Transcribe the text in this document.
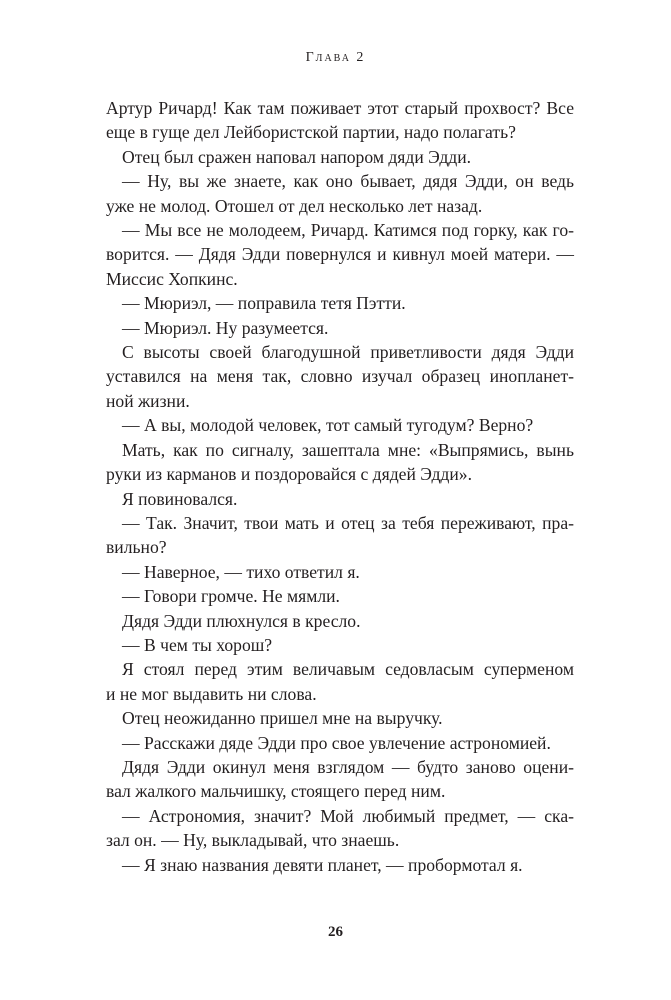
Глава 2
Артур Ричард! Как там поживает этот старый прохвост? Все
еще в гуще дел Лейбористской партии, надо полагать?
Отец был сражен наповал напором дяди Эдди.
— Ну, вы же знаете, как оно бывает, дядя Эдди, он ведь
уже не молод. Отошел от дел несколько лет назад.
— Мы все не молодеем, Ричард. Катимся под горку, как го-
ворится. — Дядя Эдди повернулся и кивнул моей матери. —
Миссис Хопкинс.
— Мюриэл, — поправила тетя Пэтти.
— Мюриэл. Ну разумеется.
С высоты своей благодушной приветливости дядя Эдди
уставился на меня так, словно изучал образец инопланет-
ной жизни.
— А вы, молодой человек, тот самый тугодум? Верно?
Мать, как по сигналу, зашептала мне: «Выпрямись, вынь
руки из карманов и поздоровайся с дядей Эдди».
Я повиновался.
— Так. Значит, твои мать и отец за тебя переживают, пра-
вильно?
— Наверное, — тихо ответил я.
— Говори громче. Не мямли.
Дядя Эдди плюхнулся в кресло.
— В чем ты хорош?
Я стоял перед этим величавым седовласым суперменом
и не мог выдавить ни слова.
Отец неожиданно пришел мне на выручку.
— Расскажи дяде Эдди про свое увлечение астрономией.
Дядя Эдди окинул меня взглядом — будто заново оцени-
вал жалкого мальчишку, стоящего перед ним.
— Астрономия, значит? Мой любимый предмет, — ска-
зал он. — Ну, выкладывай, что знаешь.
— Я знаю названия девяти планет, — пробормотал я.
26
